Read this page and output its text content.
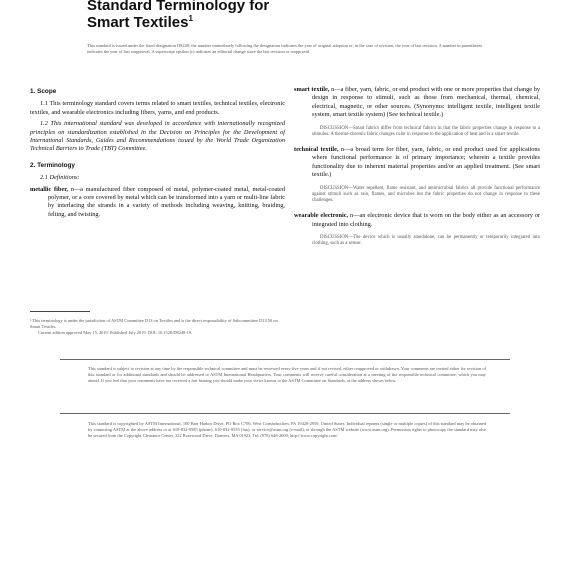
Standard Terminology for
Smart Textiles$^1$
This standard is issued under the fixed designation D8248; the number immediately following the designation indicates the year of original adoption or, in the case of revision, the year of last revision. A number in parentheses indicates the year of last reapproval. A superscript epsilon (ε) indicates an editorial change since the last revision or reapproval.
1. Scope

1.1 This terminology standard covers terms related to smart textiles, technical textiles, electronic textiles, and wearable electronics including fibers, yarns, and end products.

1.2 This international standard was developed in accordance with internationally recognized principles on standardization established in the Decision on Principles for the Development of International Standards, Guides and Recommendations issued by the World Trade Organization Technical Barriers to Trade (TBT) Committee.

2. Terminology

2.1 Definitions:

metallic fiber, n—a manufactured fiber composed of metal, polymer-coated metal, metal-coated polymer, or a core covered by metal which can be transformed into a yarn or multi-line fabric by interlacing the strands in a variety of methods including weaving, knitting, braiding, felting, and twisting.

¹ This terminology is under the jurisdiction of ASTM Committee D13 on Textiles and is the direct responsibility of Subcommittee D13.50 on Smart Textiles.
Current edition approved May 15, 2019. Published July 2019. DOI: 10.1520/D8248-19.

smart textile, n—a fiber, yarn, fabric, or end product with one or more properties that change by design in response to stimuli, such as those from mechanical, thermal, chemical, electrical, magnetic, or other sources. (Synonyms: intelligent textile, intelligent textile system, smart textile system) (See technical textile.)

DISCUSSION—Smart fabrics differ from technical fabrics in that the fabric properties change in response to a stimulus. A thermo-chromic fabric changes color in response to the application of heat and is a smart textile.

technical textile, n—a broad term for fiber, yarn, fabric, or end product used for applications where functional performance is of primary importance; wherein a textile provides functionality due to inherent material properties and/or an applied treatment. (See smart textile.)

DISCUSSION—Water repellent, flame resistant, and antimicrobial fabrics all provide functional performance against stimuli such as rain, flames, and microbes but the fabric properties do not change in response to these challenges.

wearable electronic, n—an electronic device that is worn on the body either as an accessory or integrated into clothing.

DISCUSSION—The device which is usually standalone, can be permanently or temporarily integrated into clothing, such as a sensor.

This standard is subject to revision at any time by the responsible technical committee and must be reviewed every five years and if not revised, either reapproved or withdrawn. Your comments are invited either for revision of this standard or for additional standards and should be addressed to ASTM International Headquarters. Your comments will receive careful consideration at a meeting of the responsible technical committee, which you may attend. If you feel that your comments have not received a fair hearing you should make your views known to the ASTM Committee on Standards, at the address shown below.
This standard is copyrighted by ASTM International, 100 Barr Harbor Drive, PO Box C700, West Conshohocken, PA 19428-2959, United States. Individual reprints (single or multiple copies) of this standard may be obtained by contacting ASTM at the above address or at 610-832-9585 (phone), 610-832-9555 (fax), or service@astm.org (e-mail); or through the ASTM website (www.astm.org). Permission rights to photocopy the standard may also be secured from the Copyright Clearance Center, 222 Rosewood Drive, Danvers, MA 01923, Tel: (978) 646-2600; http://www.copyright.com/
